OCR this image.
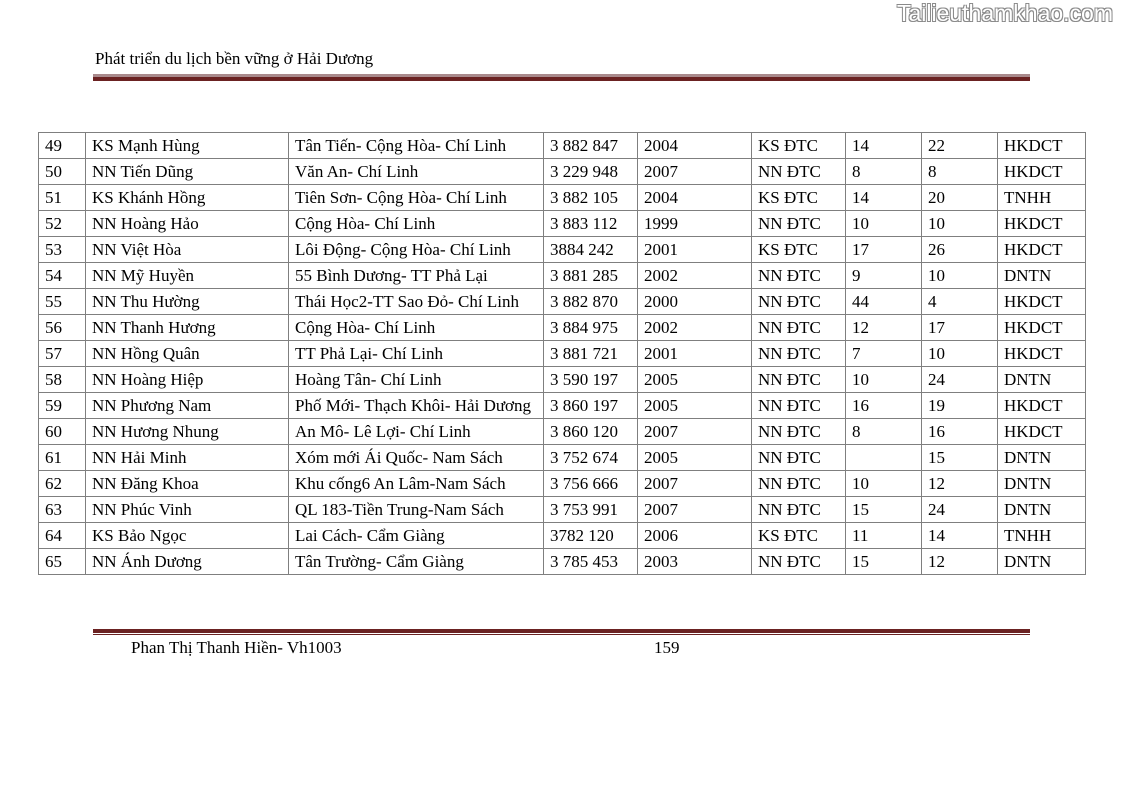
Tailieuthamkhao.com
Phát triển du lịch bền vững ở Hải Dương
49	KS Mạnh Hùng	Tân Tiến- Cộng Hòa- Chí Linh	3 882 847	2004	KS ĐTC	14	22	HKDCT
50	NN Tiến Dũng	Văn An- Chí Linh	3 229 948	2007	NN ĐTC	8	8	HKDCT
51	KS Khánh Hồng	Tiên Sơn- Cộng Hòa- Chí Linh	3 882 105	2004	KS ĐTC	14	20	TNHH
52	NN Hoàng Hảo	Cộng Hòa- Chí Linh	3 883 112	1999	NN ĐTC	10	10	HKDCT
53	NN Việt Hòa	Lôi Động- Cộng Hòa- Chí Linh	3884 242	2001	KS ĐTC	17	26	HKDCT
54	NN Mỹ Huyền	55 Bình Dương- TT Phả Lại	3 881 285	2002	NN ĐTC	9	10	DNTN
55	NN Thu Hường	Thái Học2-TT Sao Đỏ- Chí Linh	3 882 870	2000	NN ĐTC	44	4	HKDCT
56	NN Thanh Hương	Cộng Hòa- Chí Linh	3 884 975	2002	NN ĐTC	12	17	HKDCT
57	NN Hồng Quân	TT Phả Lại- Chí Linh	3 881 721	2001	NN ĐTC	7	10	HKDCT
58	NN Hoàng Hiệp	Hoàng Tân- Chí Linh	3 590 197	2005	NN ĐTC	10	24	DNTN
59	NN Phương Nam	Phố Mới- Thạch Khôi- Hải Dương	3 860 197	2005	NN ĐTC	16	19	HKDCT
60	NN Hương Nhung	An Mô- Lê Lợi- Chí Linh	3 860 120	2007	NN ĐTC	8	16	HKDCT
61	NN Hải Minh	Xóm mới Ái Quốc- Nam Sách	3 752 674	2005	NN ĐTC		15	DNTN
62	NN Đăng Khoa	Khu cống6 An Lâm-Nam Sách	3 756 666	2007	NN ĐTC	10	12	DNTN
63	NN Phúc Vinh	QL 183-Tiền Trung-Nam Sách	3 753 991	2007	NN ĐTC	15	24	DNTN
64	KS Bảo Ngọc	Lai Cách- Cẩm Giàng	3782 120	2006	KS ĐTC	11	14	TNHH
65	NN Ánh Dương	Tân Trường- Cẩm Giàng	3 785 453	2003	NN ĐTC	15	12	DNTN
Phan Thị Thanh Hiền- Vh1003	159
